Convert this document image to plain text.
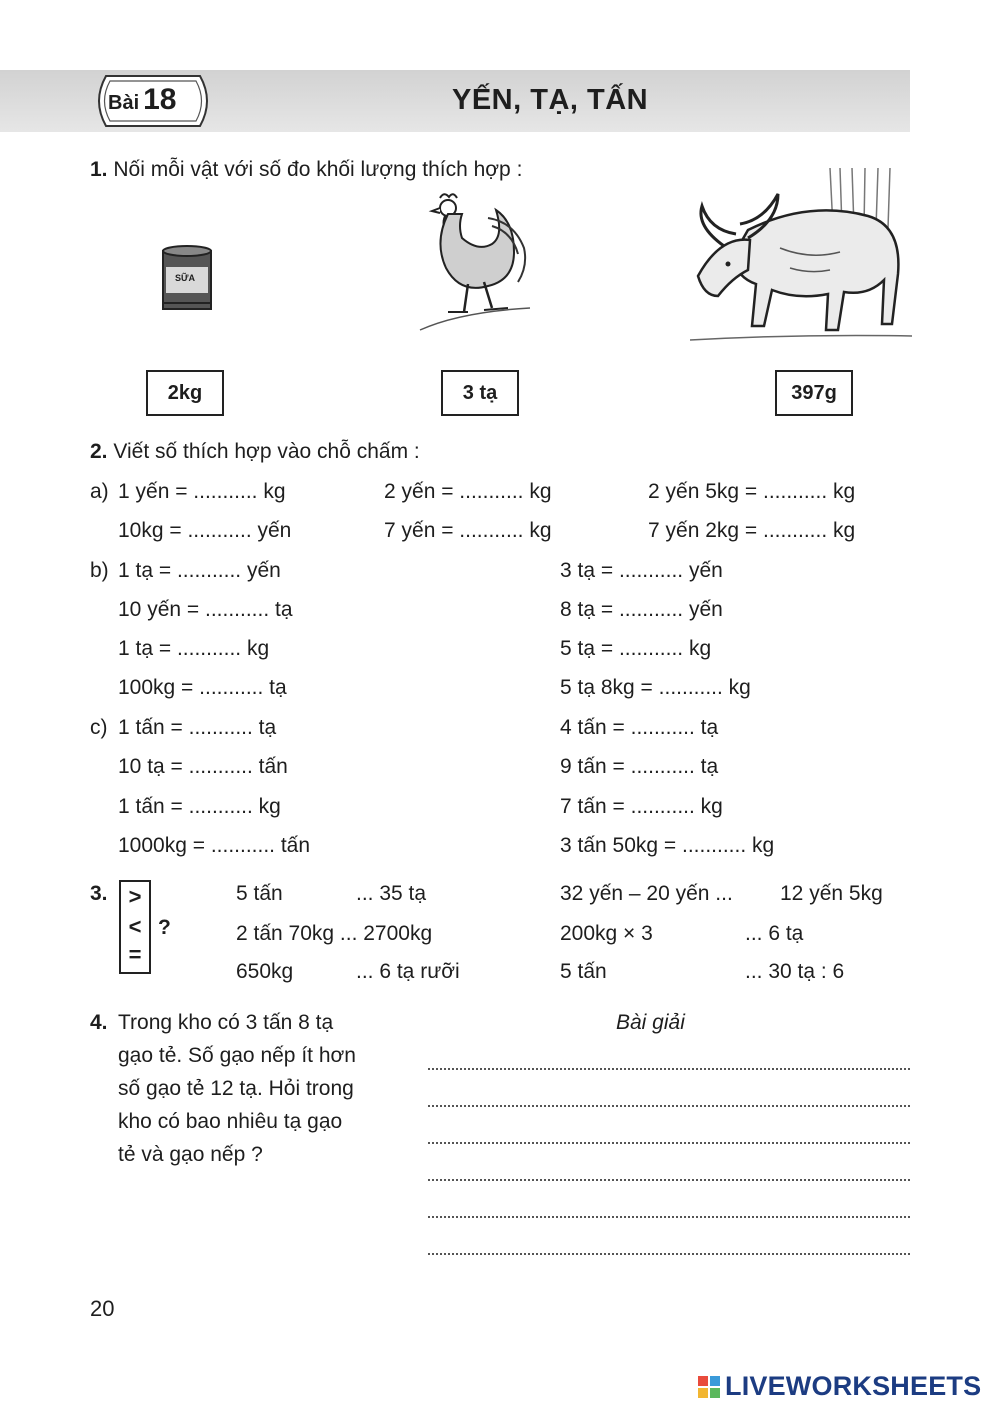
Bài 18	YẾN, TẠ, TẤN
1. Nối mỗi vật với số đo khối lượng thích hợp :
SỮA
2kg	3 tạ	397g
2. Viết số thích hợp vào chỗ chấm :
a) 1 yến = ........... kg	2 yến = ........... kg	2 yến 5kg = ........... kg
10kg = ........... yến	7 yến = ........... kg	7 yến 2kg = ........... kg
b) 1 tạ = ........... yến	3 tạ = ........... yến
10 yến = ........... tạ	8 tạ = ........... yến
1 tạ = ........... kg	5 tạ = ........... kg
100kg = ........... tạ	5 tạ 8kg = ........... kg
c) 1 tấn = ........... tạ	4 tấn = ........... tạ
10 tạ = ........... tấn	9 tấn = ........... tạ
1 tấn = ........... kg	7 tấn = ........... kg
1000kg = ........... tấn	3 tấn 50kg = ........... kg
3. >
<
=
?
5 tấn	... 35 tạ	32 yến – 20 yến ... 12 yến 5kg
2 tấn 70kg ... 2700kg	200kg × 3	... 6 tạ
650kg	... 6 tạ rưỡi	5 tấn	... 30 tạ : 6
4. Trong kho có 3 tấn 8 tạ
gạo tẻ. Số gạo nếp ít hơn
số gạo tẻ 12 tạ. Hỏi trong
kho có bao nhiêu tạ gạo
tẻ và gạo nếp ?
Bài giải
20
LIVEWORKSHEETS
